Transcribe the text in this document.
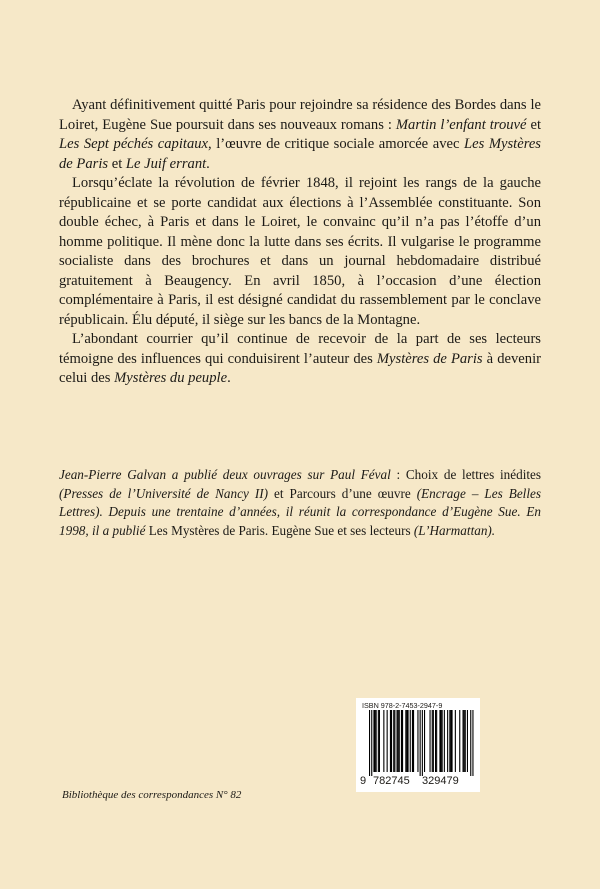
Ayant définitivement quitté Paris pour rejoindre sa résidence des Bordes dans le Loiret, Eugène Sue poursuit dans ses nouveaux romans : Martin l’enfant trouvé et Les Sept péchés capitaux, l’œuvre de critique sociale amorcée avec Les Mystères de Paris et Le Juif errant.

Lorsqu’éclate la révolution de février 1848, il rejoint les rangs de la gauche républicaine et se porte candidat aux élections à l’Assemblée constituante. Son double échec, à Paris et dans le Loiret, le convainc qu’il n’a pas l’étoffe d’un homme politique. Il mène donc la lutte dans ses écrits. Il vulgarise le programme socialiste dans des brochures et dans un journal hebdomadaire distribué gratuitement à Beaugency. En avril 1850, à l’occasion d’une élection complémentaire à Paris, il est désigné candidat du rassemblement par le conclave républicain. Élu député, il siège sur les bancs de la Montagne.

L’abondant courrier qu’il continue de recevoir de la part de ses lecteurs témoigne des influences qui conduisirent l’auteur des Mystères de Paris à devenir celui des Mystères du peuple.

Jean-Pierre Galvan a publié deux ouvrages sur Paul Féval : Choix de lettres inédites (Presses de l’Université de Nancy II) et Parcours d’une œuvre (Encrage – Les Belles Lettres). Depuis une trentaine d’années, il réunit la correspondance d’Eugène Sue. En 1998, il a publié Les Mystères de Paris. Eugène Sue et ses lecteurs (L’Harmattan).

Bibliothèque des correspondances N° 82
ISBN 978-2-7453-2947-9
9 782745 329479
